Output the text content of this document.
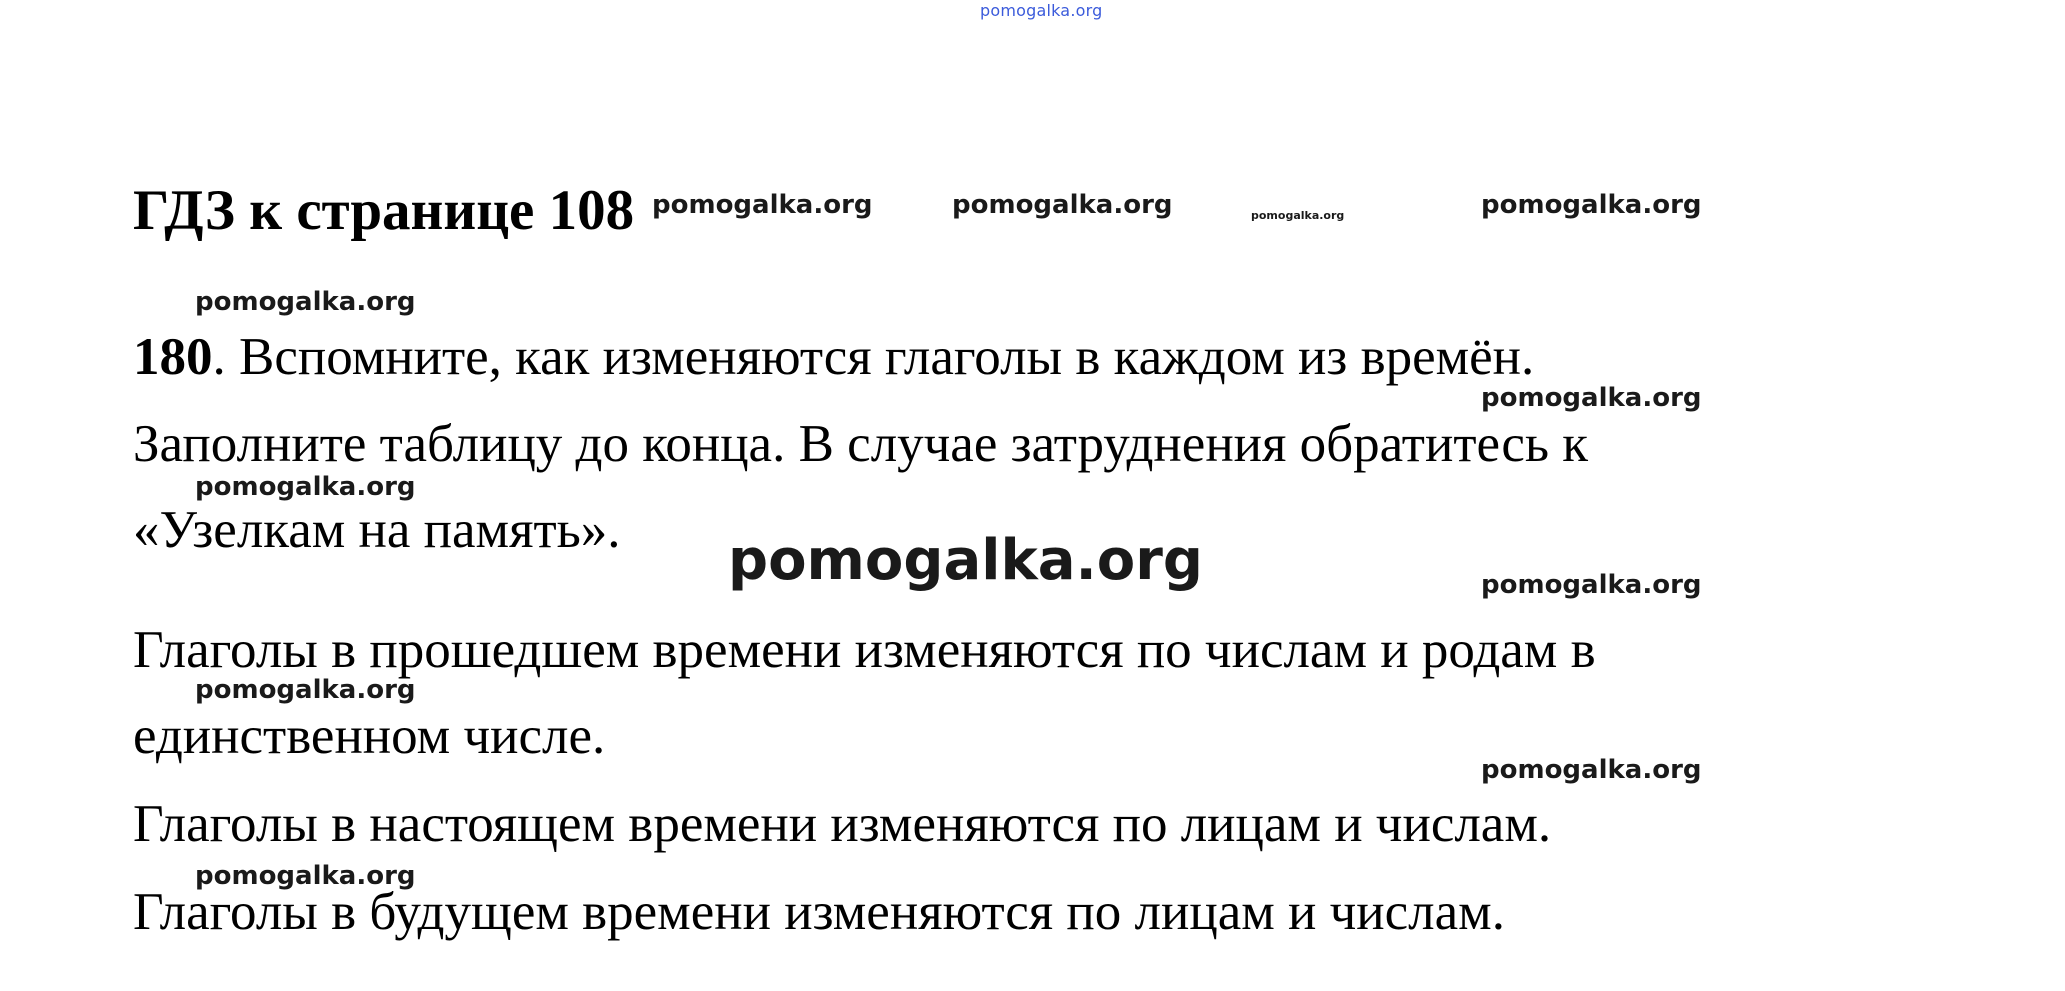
pomogalka.org
ГДЗ к странице 108
180. Вспомните, как изменяются глаголы в каждом из времён.
Заполните таблицу до конца. В случае затруднения обратитесь к
«Узелкам на память».
Глаголы в прошедшем времени изменяются по числам и родам в
единственном числе.
Глаголы в настоящем времени изменяются по лицам и числам.
Глаголы в будущем времени изменяются по лицам и числам.
pomogalka.org	pomogalka.org	pomogalka.org	pomogalka.org
pomogalka.org
pomogalka.org
pomogalka.org
pomogalka.org	pomogalka.org
pomogalka.org
pomogalka.org
pomogalka.org
